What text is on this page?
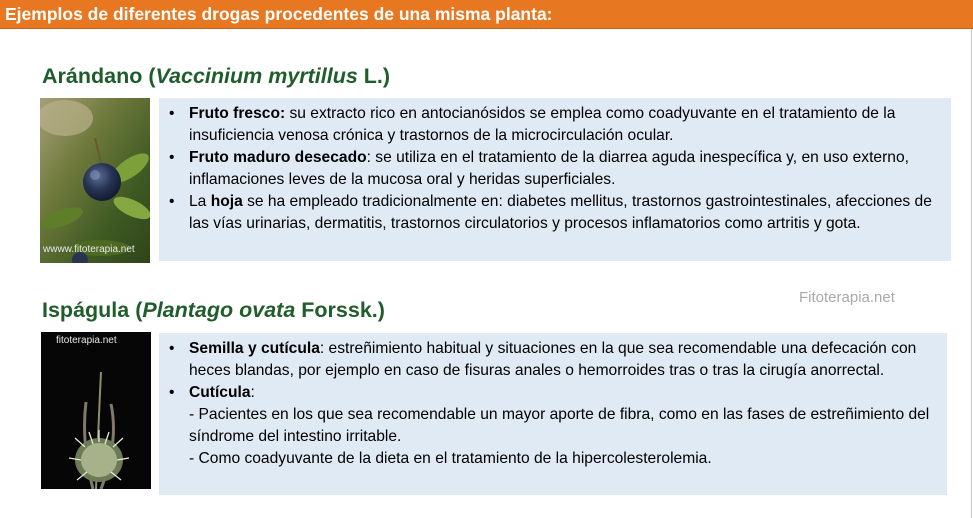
Ejemplos de diferentes drogas procedentes de una misma planta:
Arándano (Vaccinium myrtillus L.)
wwww.fitoterapia.net
• Fruto fresco: su extracto rico en antocianósidos se emplea como coadyuvante en el tratamiento de la insuficiencia venosa crónica y trastornos de la microcirculación ocular.
• Fruto maduro desecado: se utiliza en el tratamiento de la diarrea aguda inespecífica y, en uso externo, inflamaciones leves de la mucosa oral y heridas superficiales.
• La hoja se ha empleado tradicionalmente en: diabetes mellitus, trastornos gastrointestinales, afecciones de las vías urinarias, dermatitis, trastornos circulatorios y procesos inflamatorios como artritis y gota.
Fitoterapia.net
Ispágula (Plantago ovata Forssk.)
fitoterapia.net	• Semilla y cutícula: estreñimiento habitual y situaciones en la que sea recomendable una defecación con heces blandas, por ejemplo en caso de fisuras anales o hemorroides tras o tras la cirugía anorrectal.
• Cutícula:
- Pacientes en los que sea recomendable un mayor aporte de fibra, como en las fases de estreñimiento del síndrome del intestino irritable.
- Como coadyuvante de la dieta en el tratamiento de la hipercolesterolemia.
